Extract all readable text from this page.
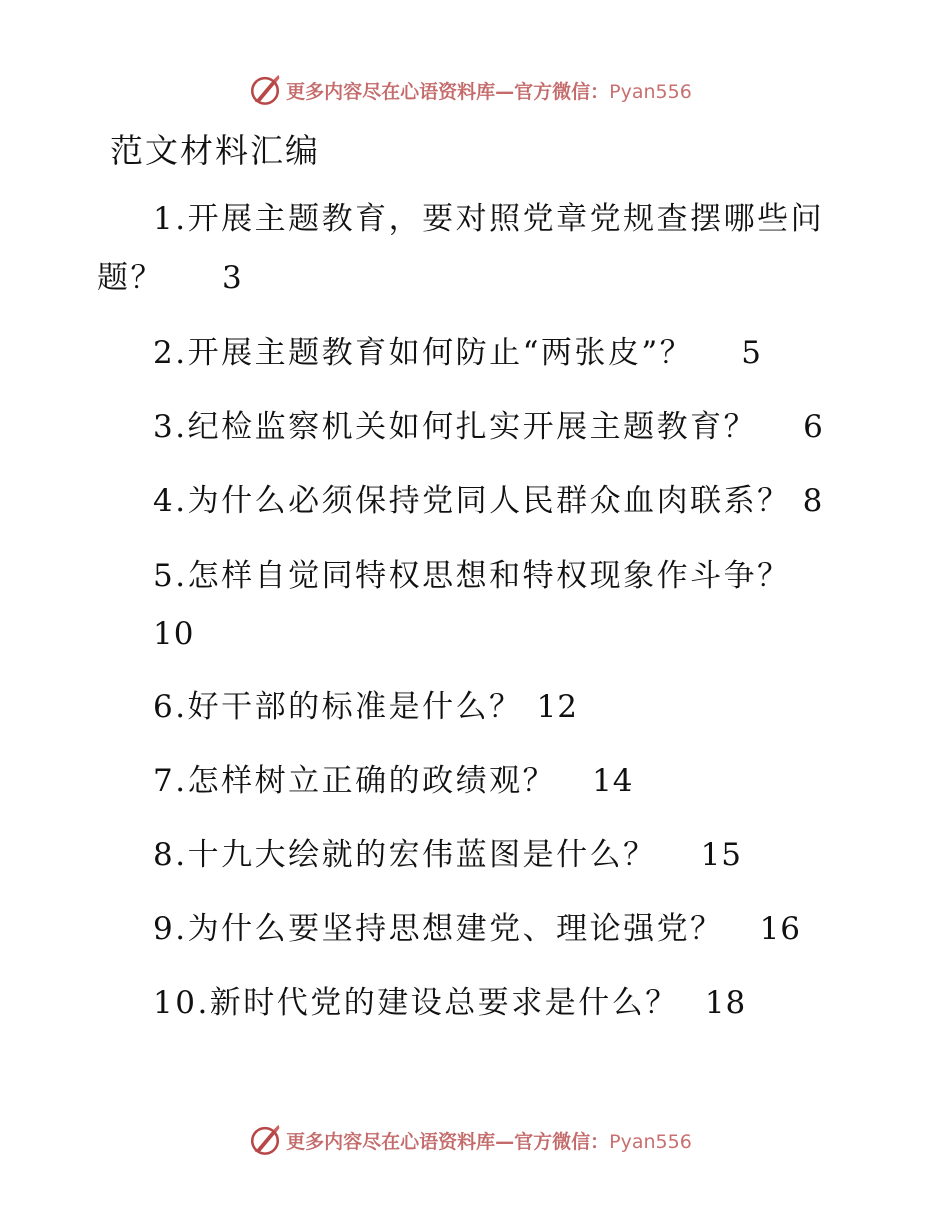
更多内容尽在心语资料库—官方微信：Pyan556
范文材料汇编
1.开展主题教育，要对照党章党规查摆哪些问
题？ 3
2.开展主题教育如何防止“两张皮”？ 5
3.纪检监察机关如何扎实开展主题教育？ 6
4.为什么必须保持党同人民群众血肉联系？ 8
5.怎样自觉同特权思想和特权现象作斗争？
10
6.好干部的标准是什么？ 12
7.怎样树立正确的政绩观？ 14
8.十九大绘就的宏伟蓝图是什么？ 15
9.为什么要坚持思想建党、理论强党？ 16
10.新时代党的建设总要求是什么？ 18
更多内容尽在心语资料库—官方微信：Pyan556
